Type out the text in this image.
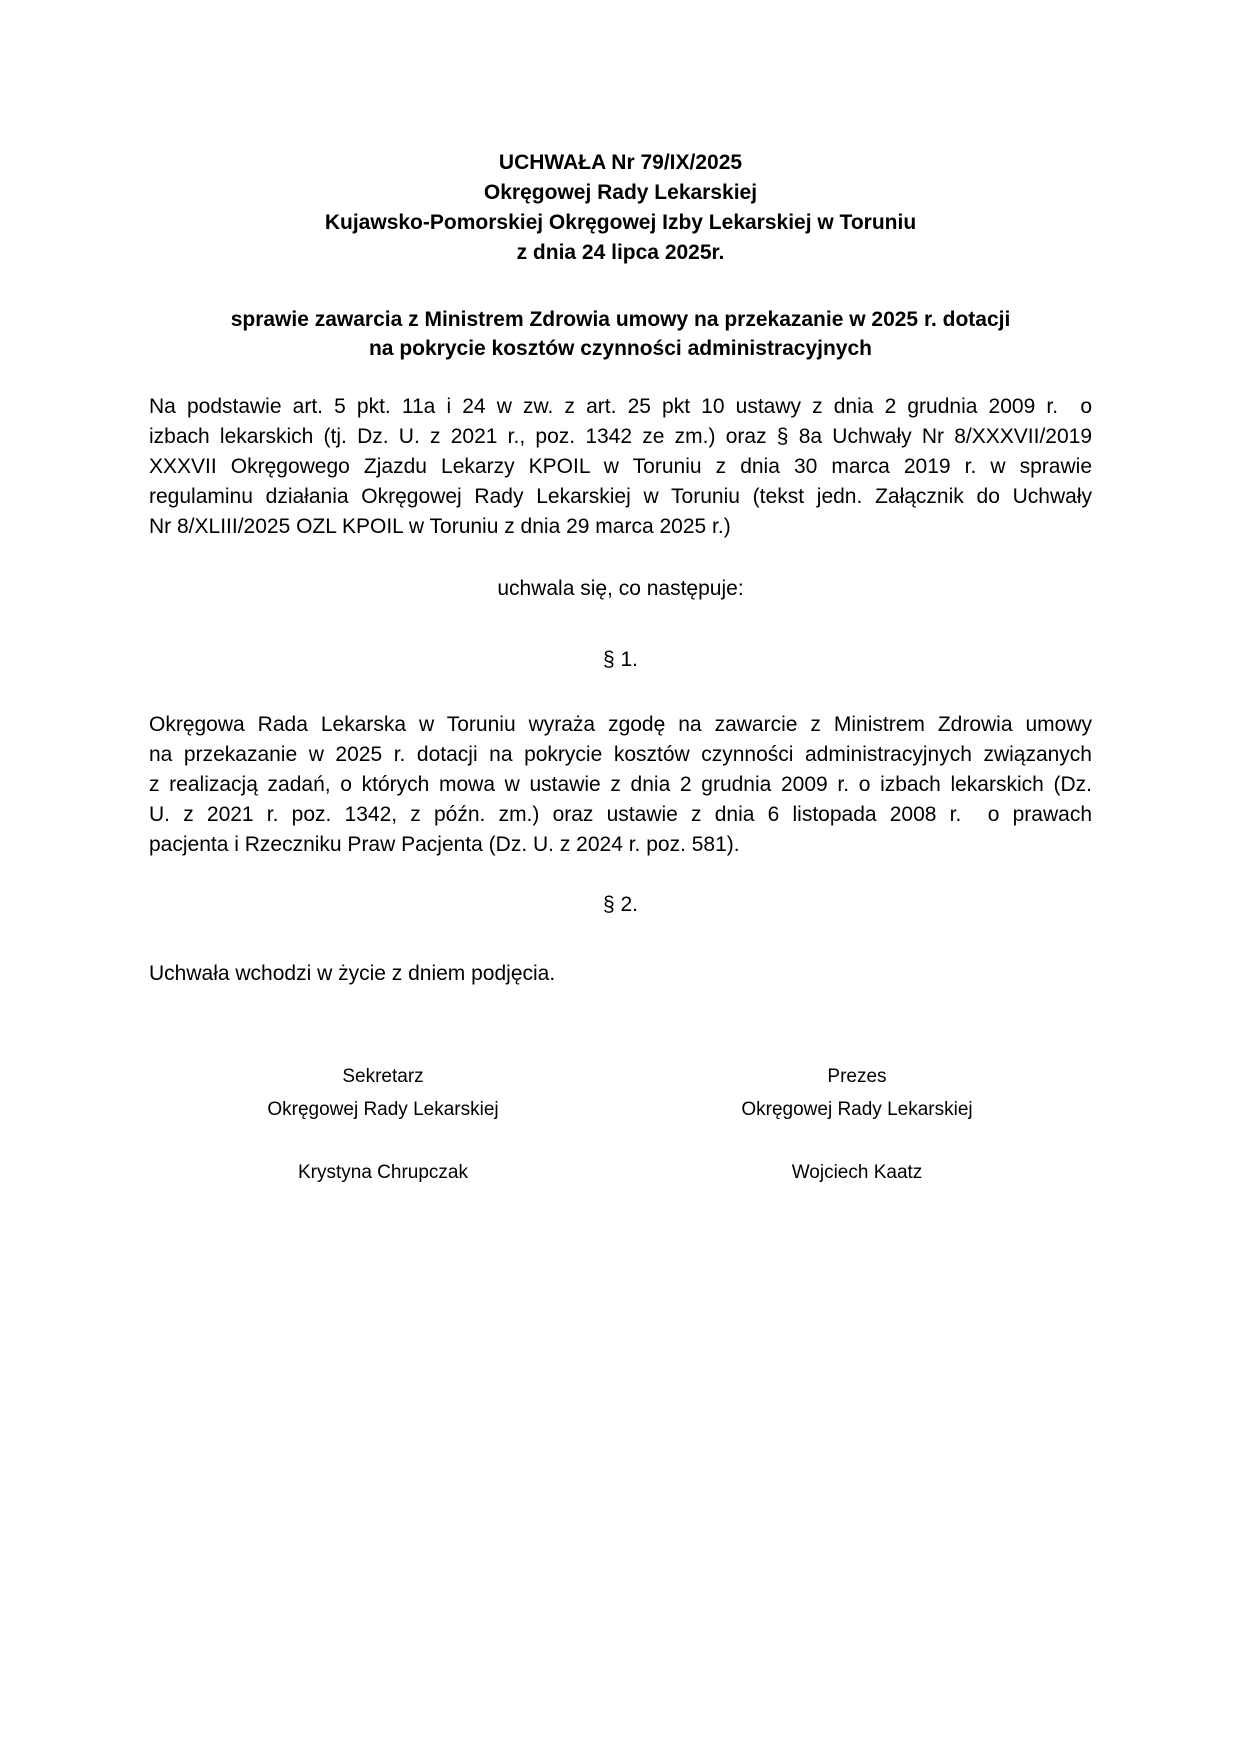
UCHWAŁA Nr 79/IX/2025
Okręgowej Rady Lekarskiej
Kujawsko-Pomorskiej Okręgowej Izby Lekarskiej w Toruniu
z dnia 24 lipca 2025r.
sprawie zawarcia z Ministrem Zdrowia umowy na przekazanie w 2025 r. dotacji
na pokrycie kosztów czynności administracyjnych
Na podstawie art. 5 pkt. 11a i 24 w zw. z art. 25 pkt 10 ustawy z dnia 2 grudnia 2009 r. o
izbach lekarskich (tj. Dz. U. z 2021 r., poz. 1342 ze zm.) oraz § 8a Uchwały Nr 8/XXXVII/2019
XXXVII Okręgowego Zjazdu Lekarzy KPOIL w Toruniu z dnia 30 marca 2019 r. w sprawie
regulaminu działania Okręgowej Rady Lekarskiej w Toruniu (tekst jedn. Załącznik do Uchwały
Nr 8/XLIII/2025 OZL KPOIL w Toruniu z dnia 29 marca 2025 r.)
uchwala się, co następuje:
§ 1.
Okręgowa Rada Lekarska w Toruniu wyraża zgodę na zawarcie z Ministrem Zdrowia umowy
na przekazanie w 2025 r. dotacji na pokrycie kosztów czynności administracyjnych związanych
z realizacją zadań, o których mowa w ustawie z dnia 2 grudnia 2009 r. o izbach lekarskich (Dz.
U. z 2021 r. poz. 1342, z późn. zm.) oraz ustawie z dnia 6 listopada 2008 r. o prawach
pacjenta i Rzeczniku Praw Pacjenta (Dz. U. z 2024 r. poz. 581).
§ 2.
Uchwała wchodzi w życie z dniem podjęcia.
Sekretarz
Okręgowej Rady Lekarskiej
Krystyna Chrupczak
Prezes
Okręgowej Rady Lekarskiej
Wojciech Kaatz
